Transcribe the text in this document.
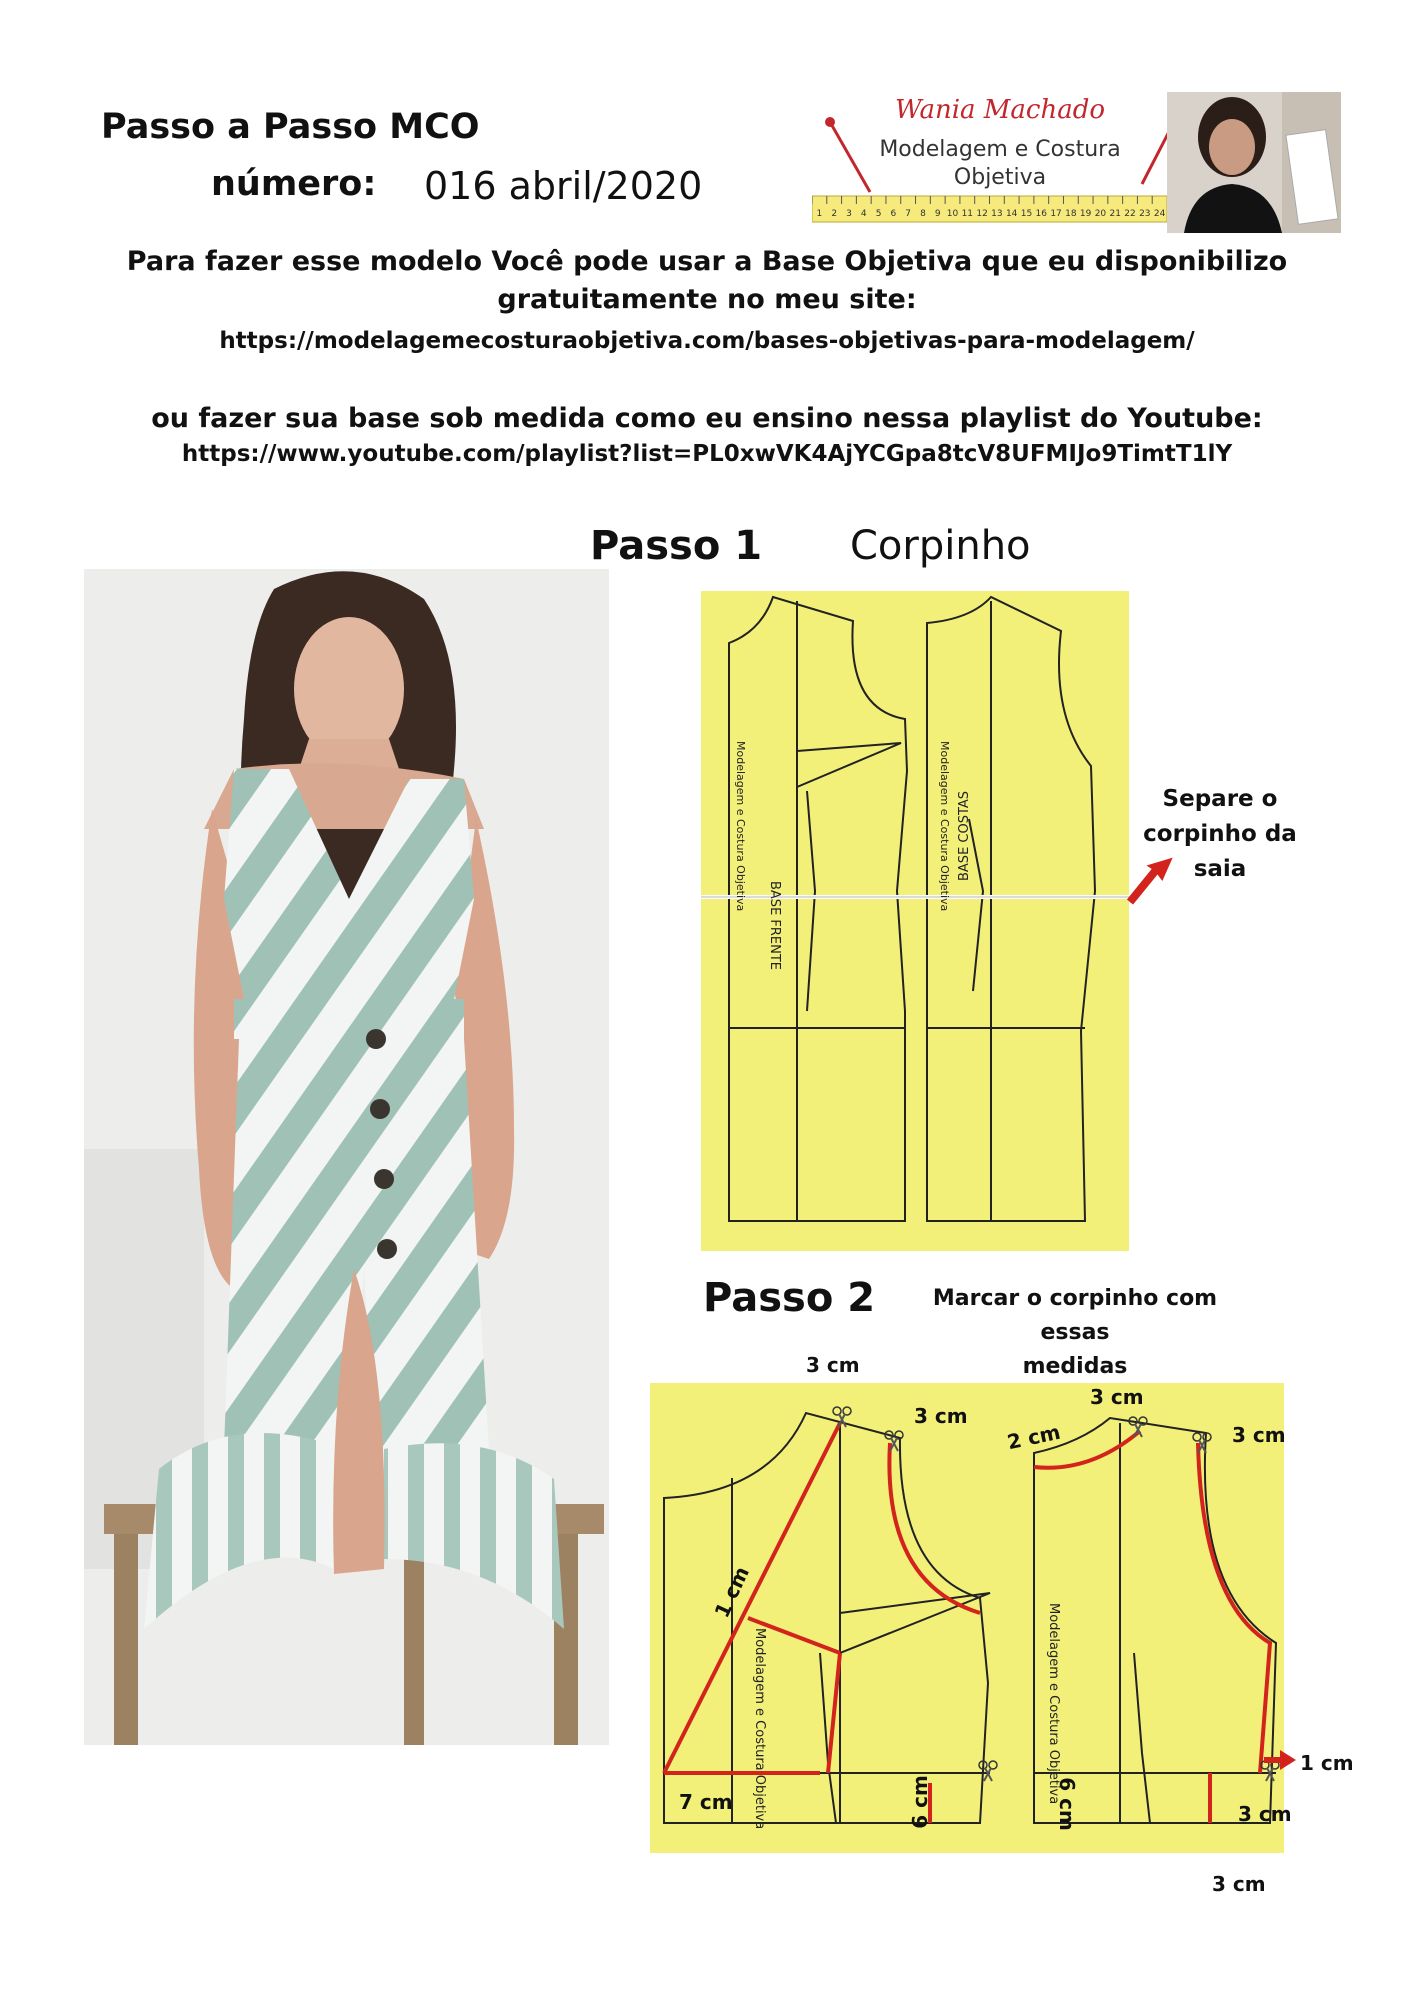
Passo a Passo MCO
número: 016 abril/2020
Wania Machado
Modelagem e Costura
Objetiva
1 2 3 4 5 6 7 8 9 10 11 12 13 14 15 16 17 18 19 20 21 22 23 24
Para fazer esse modelo Você pode usar a Base Objetiva que eu disponibilizo
gratuitamente no meu site:
https://modelagemecosturaobjetiva.com/bases-objetivas-para-modelagem/
ou fazer sua base sob medida como eu ensino nessa playlist do Youtube:
https://www.youtube.com/playlist?list=PL0xwVK4AjYCGpa8tcV8UFMIJo9TimtT1lY
Passo 1 Corpinho
Modelagem e Costura Objetiva	Modelagem e Costura Objetiva
BASE FRENTE
BASE COSTAS	Separe o
corpinho da
saia
Passo 2	Marcar o corpinho com essas
medidas
Modelagem e Costura Objetiva	Modelagem e Costura Objetiva
3 cm
3 cm
1 cm
7 cm	6 cm
3 cm
2 cm	3 cm
1 cm
6 cm	3 cm
3 cm
